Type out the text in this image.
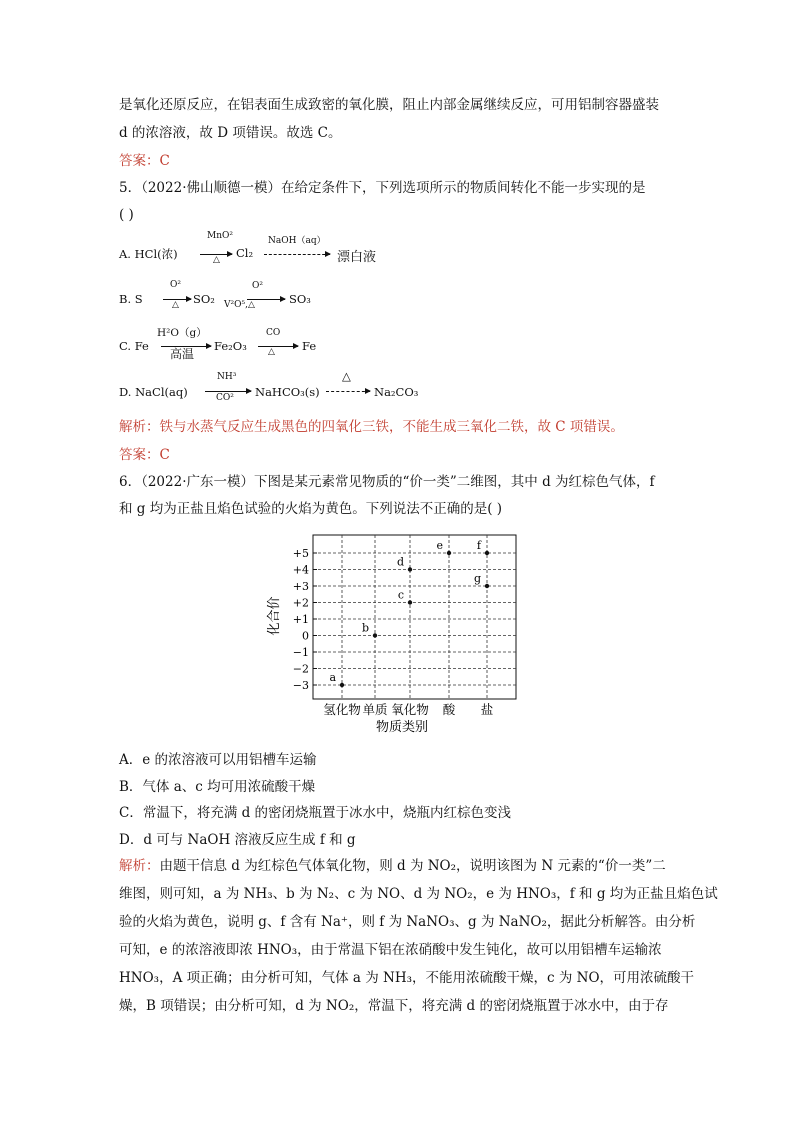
是氧化还原反应，在铝表面生成致密的氧化膜，阻止内部金属继续反应，可用铝制容器盛装
d 的浓溶液，故 D 项错误。故选 C。
答案：C
5．（2022·佛山顺德一模）在给定条件下，下列选项所示的物质间转化不能一步实现的是
( )
A. HCl(浓)
MnO²
△ Cl₂
NaOH（aq）
漂白液
B. S
O²
△ SO₂
O²
V²O⁵,△	SO₃
C. Fe
H²O（g）
高温
Fe₂O₃
CO
△ Fe
D. NaCl(aq)
NH³
CO² NaHCO₃(s)
△
Na₂CO₃
解析：铁与水蒸气反应生成黑色的四氧化三铁，不能生成三氧化二铁，故 C 项错误。
答案：C
6．（2022·广东一模）下图是某元素常见物质的“价一类”二维图，其中 d 为红棕色气体，f
和 g 均为正盐且焰色试验的火焰为黄色。下列说法不正确的是( )
+5
+4
+3
+2
+1
0
−1
−2
−3
氢化物 单质 氧化物 酸 盐
a
b
c
d
e	f
g
化合价
物质类别
A．e 的浓溶液可以用铝槽车运输
B．气体 a、c 均可用浓硫酸干燥
C．常温下，将充满 d 的密闭烧瓶置于冰水中，烧瓶内红棕色变浅
D．d 可与 NaOH 溶液反应生成 f 和 g
解析：由题干信息 d 为红棕色气体氧化物，则 d 为 NO₂，说明该图为 N 元素的“价一类”二
维图，则可知，a 为 NH₃、b 为 N₂、c 为 NO、d 为 NO₂，e 为 HNO₃，f 和 g 均为正盐且焰色试
验的火焰为黄色，说明 g、f 含有 Na⁺，则 f 为 NaNO₃、g 为 NaNO₂，据此分析解答。由分析
可知，e 的浓溶液即浓 HNO₃，由于常温下铝在浓硝酸中发生钝化，故可以用铝槽车运输浓
HNO₃，A 项正确；由分析可知，气体 a 为 NH₃，不能用浓硫酸干燥，c 为 NO，可用浓硫酸干
燥，B 项错误；由分析可知，d 为 NO₂，常温下，将充满 d 的密闭烧瓶置于冰水中，由于存
